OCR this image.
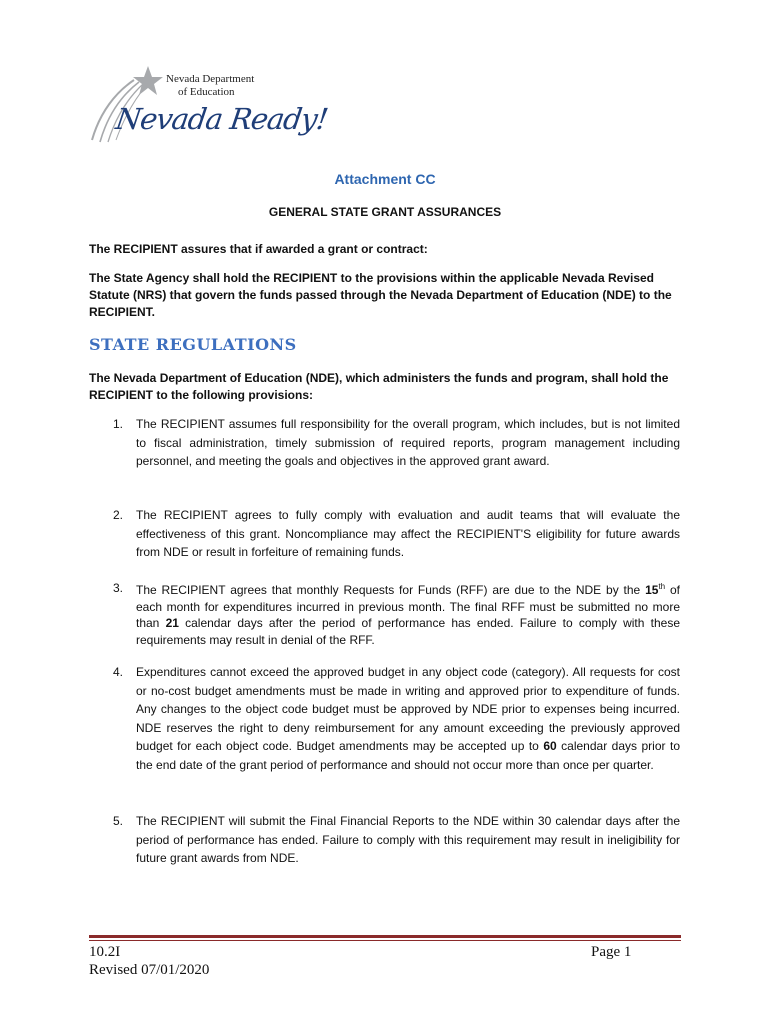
Nevada Department
of Education
Nevada Ready!
Attachment CC
GENERAL STATE GRANT ASSURANCES
The RECIPIENT assures that if awarded a grant or contract:
The State Agency shall hold the RECIPIENT to the provisions within the applicable Nevada Revised Statute (NRS) that govern the funds passed through the Nevada Department of Education (NDE) to the RECIPIENT.
STATE REGULATIONS
The Nevada Department of Education (NDE), which administers the funds and program, shall hold the RECIPIENT to the following provisions:
1. The RECIPIENT assumes full responsibility for the overall program, which includes, but is not limited to fiscal administration, timely submission of required reports, program management including personnel, and meeting the goals and objectives in the approved grant award.
2. The RECIPIENT agrees to fully comply with evaluation and audit teams that will evaluate the effectiveness of this grant. Noncompliance may affect the RECIPIENT'S eligibility for future awards from NDE or result in forfeiture of remaining funds.
3. The RECIPIENT agrees that monthly Requests for Funds (RFF) are due to the NDE by the 15th of each month for expenditures incurred in previous month. The final RFF must be submitted no more than 21 calendar days after the period of performance has ended. Failure to comply with these requirements may result in denial of the RFF.
4. Expenditures cannot exceed the approved budget in any object code (category). All requests for cost or no-cost budget amendments must be made in writing and approved prior to expenditure of funds. Any changes to the object code budget must be approved by NDE prior to expenses being incurred. NDE reserves the right to deny reimbursement for any amount exceeding the previously approved budget for each object code. Budget amendments may be accepted up to 60 calendar days prior to the end date of the grant period of performance and should not occur more than once per quarter.
5. The RECIPIENT will submit the Final Financial Reports to the NDE within 30 calendar days after the period of performance has ended. Failure to comply with this requirement may result in ineligibility for future grant awards from NDE.
10.2I
Revised 07/01/2020
Page 1
